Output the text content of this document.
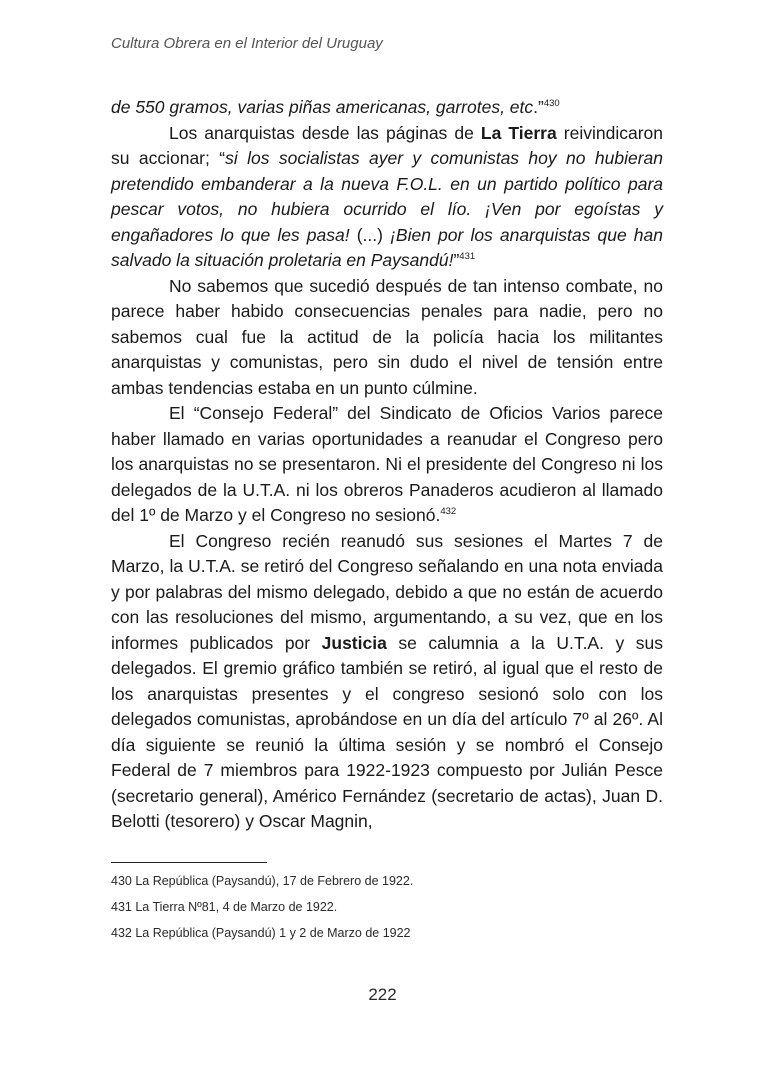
Cultura Obrera en el Interior del Uruguay

de 550 gramos, varias piñas americanas, garrotes, etc.”$^{430}$

Los anarquistas desde las páginas de La Tierra reivindicaron su accionar; “si los socialistas ayer y comunistas hoy no hubieran pretendido embanderar a la nueva F.O.L. en un partido político para pescar votos, no hubiera ocurrido el lío. ¡Ven por egoístas y engañadores lo que les pasa! (...) ¡Bien por los anarquistas que han salvado la situación proletaria en Paysandú!”$^{431}$

No sabemos que sucedió después de tan intenso combate, no parece haber habido consecuencias penales para nadie, pero no sabemos cual fue la actitud de la policía hacia los militantes anarquistas y comunistas, pero sin dudo el nivel de tensión entre ambas tendencias estaba en un punto cúlmine.

El “Consejo Federal” del Sindicato de Oficios Varios parece haber llamado en varias oportunidades a reanudar el Congreso pero los anarquistas no se presentaron. Ni el presidente del Congreso ni los delegados de la U.T.A. ni los obreros Panaderos acudieron al llamado del 1º de Marzo y el Congreso no sesionó.$^{432}$

El Congreso recién reanudó sus sesiones el Martes 7 de Marzo, la U.T.A. se retiró del Congreso señalando en una nota enviada y por palabras del mismo delegado, debido a que no están de acuerdo con las resoluciones del mismo, argumentando, a su vez, que en los informes publicados por Justicia se calumnia a la U.T.A. y sus delegados. El gremio gráfico también se retiró, al igual que el resto de los anarquistas presentes y el congreso sesionó solo con los delegados comunistas, aprobándose en un día del artículo 7º al 26º. Al día siguiente se reunió la última sesión y se nombró el Consejo Federal de 7 miembros para 1922-1923 compuesto por Julián Pesce (secretario general), Américo Fernández (secretario de actas), Juan D. Belotti (tesorero) y Oscar Magnin,

430 La República (Paysandú), 17 de Febrero de 1922.
431 La Tierra Nº81, 4 de Marzo de 1922.
432 La República (Paysandú) 1 y 2 de Marzo de 1922
222
